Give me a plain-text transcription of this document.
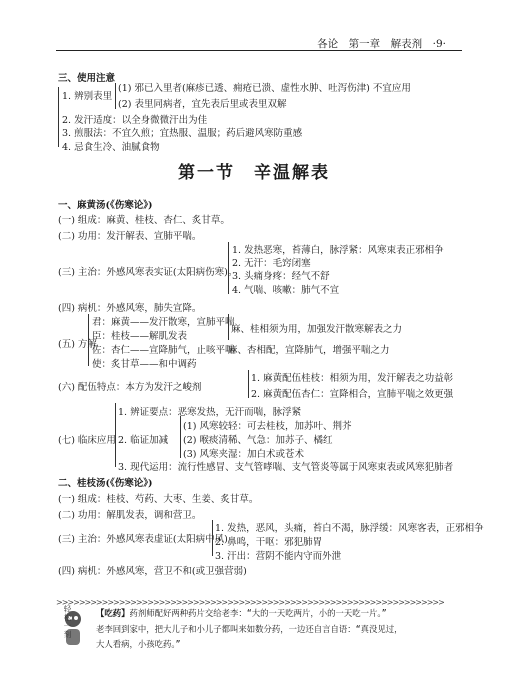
各论　第一章　解表剂　·9·
三、使用注意
1. 辨别表里
(1) 邪已入里者(麻疹已透、痈疮已溃、虚性水肿、吐泻伤津) 不宜应用
(2) 表里同病者，宜先表后里或表里双解
2. 发汗适度：以全身微微汗出为佳
3. 煎服法：不宜久煎；宜热服、温服；药后避风寒防重感
4. 忌食生冷、油腻食物
第一节　辛温解表
一、麻黄汤(《伤寒论》)
(一) 组成：麻黄、桂枝、杏仁、炙甘草。
(二) 功用：发汗解表、宣肺平喘。
(三) 主治：外感风寒表实证(太阳病伤寒)。
1. 发热恶寒，苔薄白，脉浮紧：风寒束表正邪相争
2. 无汗：毛窍闭塞
3. 头痛身疼：经气不舒
4. 气喘、咳嗽：肺气不宣
(四) 病机：外感风寒，肺失宣降。
(五) 方解
君：麻黄——发汗散寒，宣肺平喘
臣：桂枝——解肌发表
麻、桂相须为用，加强发汗散寒解表之力
佐：杏仁——宣降肺气，止咳平喘
麻、杏相配，宣降肺气，增强平喘之力
使：炙甘草——和中调药
(六) 配伍特点：本方为发汗之峻剂
1. 麻黄配伍桂枝：相须为用，发汗解表之功益彰
2. 麻黄配伍杏仁：宣降相合，宣肺平喘之效更强
(七) 临床应用
1. 辨证要点：恶寒发热，无汗而喘，脉浮紧
2. 临证加减
(1) 风寒较轻：可去桂枝，加苏叶、荆芥
(2) 喉痰清稀、气急：加苏子、橘红
(3) 风寒夹湿：加白术或苍术
3. 现代运用：流行性感冒、支气管哮喘、支气管炎等属于风寒束表或风寒犯肺者
二、桂枝汤(《伤寒论》)
(一) 组成：桂枝、芍药、大枣、生姜、炙甘草。
(二) 功用：解肌发表，调和营卫。
(三) 主治：外感风寒表虚证(太阳病中风)
1. 发热，恶风，头痛，苔白不渴，脉浮缓：风寒客表，正邪相争
2. 鼻鸣，干呕：邪犯肺胃
3. 汗出：营阴不能内守而外泄
(四) 病机：外感风寒，营卫不和(或卫强营弱)
>>>>>>>>>>>>>>>>>>>>>>>>>>>>>>>>>>>>>>>>>>>>>>>>>>>>>>>>>>>>>>>>>>>>
轻松一刻	【吃药】药剂师配好两种药片交给老李：“大的一天吃两片，小的一天吃一片。”
老李回到家中，把大儿子和小儿子都叫来如数分药，一边还自言自语：“真没见过，
大人看病，小孩吃药。”
